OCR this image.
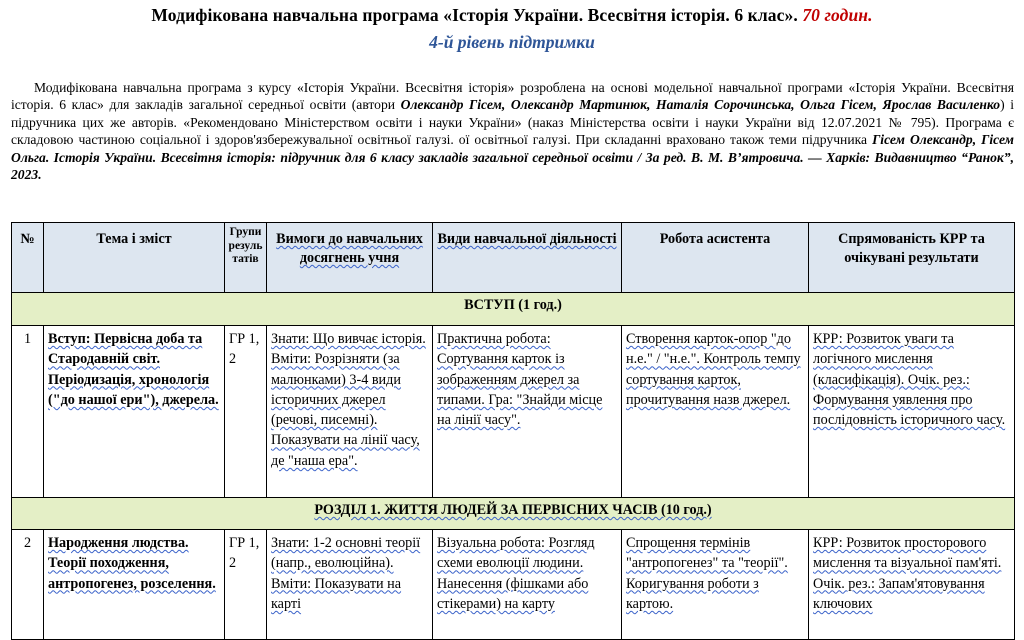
Модифікована навчальна програма «Історія України. Всесвітня історія. 6 клас». 70 годин.
4-й рівень підтримки
Модифікована навчальна програма з курсу «Історія України. Всесвітня історія» розроблена на основі модельної навчальної програми «Історія України. Всесвітня історія. 6 клас» для закладів загальної середньої освіти (автори Олександр Гісем, Олександр Мартинюк, Наталія Сорочинська, Ольга Гісем, Ярослав Василенко) і підручника цих же авторів. «Рекомендовано Міністерством освіти і науки України» (наказ Міністерства освіти і науки України від 12.07.2021 № 795). Програма є складовою частиною соціальної і здоров'язбережувальної освітньої галузі. ої освітньої галузі. При складанні враховано також теми підручника Гісем Олександр, Гісем Ольга. Історія України. Всесвітня історія: підручник для 6 класу закладів загальної середньої освіти / За ред. В. М. В’ятровича. — Харків: Видавництво “Ранок”, 2023.
№	Тема і зміст	Групи резуль татів	Вимоги до навчальних досягнень учня	Види навчальної діяльності	Робота асистента	Спрямованість КРР та очікувані результати
ВСТУП (1 год.)						
1	Вступ: Первісна доба та Стародавній світ. Періодизація, хронологія ("до нашої ери"), джерела.	ГР 1, 2	Знати: Що вивчає історія. Вміти: Розрізняти (за малюнками) 3-4 види історичних джерел (речові, писемні). Показувати на лінії часу, де "наша ера".	Практична робота: Сортування карток із зображенням джерел за типами. Гра: "Знайди місце на лінії часу".	Створення карток-опор "до н.е." / "н.е.". Контроль темпу сортування карток, прочитування назв джерел.	КРР: Розвиток уваги та логічного мислення (класифікація). Очік. рез.: Формування уявлення про послідовність історичного часу.
РОЗДІЛ 1. ЖИТТЯ ЛЮДЕЙ ЗА ПЕРВІСНИХ ЧАСІВ (10 год.)						
2	Народження людства. Теорії походження, антропогенез, розселення.	ГР 1, 2	Знати: 1-2 основні теорії (напр., еволюційна). Вміти: Показувати на карті	Візуальна робота: Розгляд схеми еволюції людини. Нанесення (фішками або стікерами) на карту	Спрощення термінів "антропогенез" та "теорії". Коригування роботи з картою.	КРР: Розвиток просторового мислення та візуальної пам'яті. Очік. рез.: Запам'ятовування ключових
